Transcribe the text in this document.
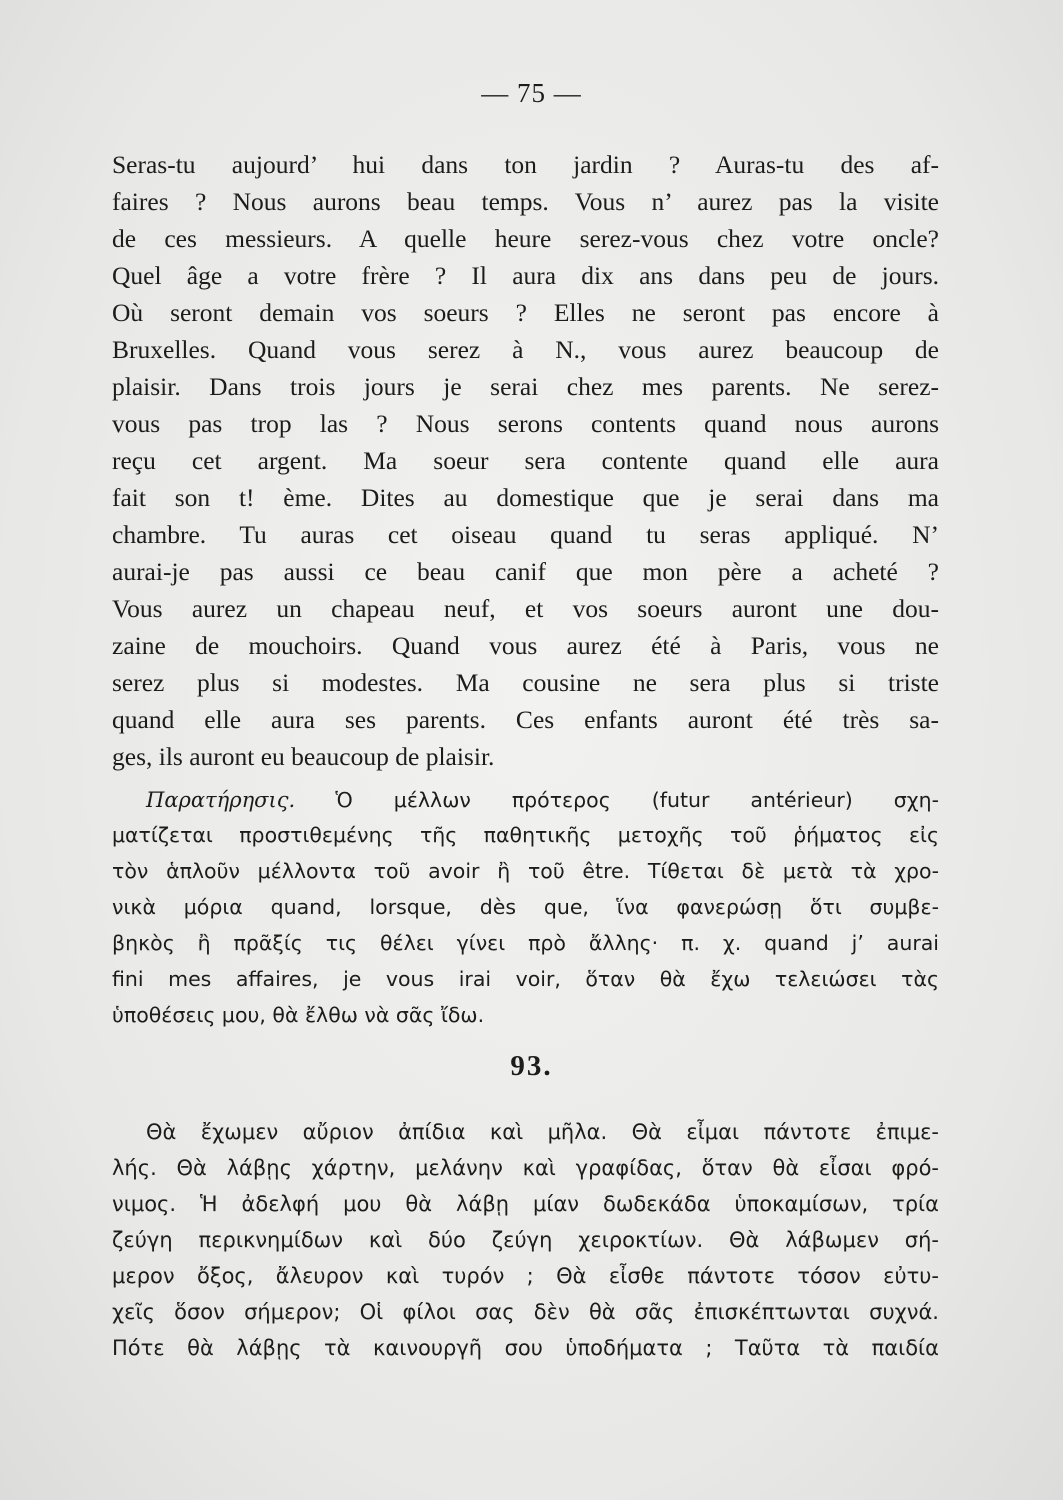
— 75 —
Seras-tu aujourd’ hui dans ton jardin ? Auras-tu des af-
faires ? Nous aurons beau temps. Vous n’ aurez pas la visite
de ces messieurs. A quelle heure serez-vous chez votre oncle?
Quel âge a votre frère ? Il aura dix ans dans peu de jours.
Où seront demain vos soeurs ? Elles ne seront pas encore à
Bruxelles. Quand vous serez à N., vous aurez beaucoup de
plaisir. Dans trois jours je serai chez mes parents. Ne serez-
vous pas trop las ? Nous serons contents quand nous aurons
reçu cet argent. Ma soeur sera contente quand elle aura
fait son t! ème. Dites au domestique que je serai dans ma
chambre. Tu auras cet oiseau quand tu seras appliqué. N’
aurai-je pas aussi ce beau canif que mon père a acheté ?
Vous aurez un chapeau neuf, et vos soeurs auront une dou-
zaine de mouchoirs. Quand vous aurez été à Paris, vous ne
serez plus si modestes. Ma cousine ne sera plus si triste
quand elle aura ses parents. Ces enfants auront été très sa-
ges, ils auront eu beaucoup de plaisir.
Παρατήρησις. Ὁ μέλλων πρότερος (futur antérieur) σχη-
ματίζεται προστιθεμένης τῆς παθητικῆς μετοχῆς τοῦ ῥήματος εἰς
τὸν ἁπλοῦν μέλλοντα τοῦ avoir ἢ τοῦ être. Τίθεται δὲ μετὰ τὰ χρο-
νικὰ μόρια quand, lorsque, dès que, ἵνα φανερώσῃ ὅτι συμβε-
βηκὸς ἢ πρᾶξίς τις θέλει γίνει πρὸ ἄλλης· π. χ. quand j’ aurai
fini mes affaires, je vous irai voir, ὅταν θὰ ἔχω τελειώσει τὰς
ὑποθέσεις μου, θὰ ἔλθω νὰ σᾶς ἴδω.
93.
Θὰ ἔχωμεν αὔριον ἀπίδια καὶ μῆλα. Θὰ εἶμαι πάντοτε ἐπιμε-
λής. Θὰ λάβῃς χάρτην, μελάνην καὶ γραφίδας, ὅταν θὰ εἶσαι φρό-
νιμος. Ἡ ἀδελφή μου θὰ λάβῃ μίαν δωδεκάδα ὑποκαμίσων, τρία
ζεύγη περικνημίδων καὶ δύο ζεύγη χειροκτίων. Θὰ λάβωμεν σή-
μερον ὄξος, ἄλευρον καὶ τυρόν ; Θὰ εἶσθε πάντοτε τόσον εὐτυ-
χεῖς ὅσον σήμερον; Οἱ φίλοι σας δὲν θὰ σᾶς ἐπισκέπτωνται συχνά.
Πότε θὰ λάβῃς τὰ καινουργῆ σου ὑποδήματα ; Ταῦτα τὰ παιδία
